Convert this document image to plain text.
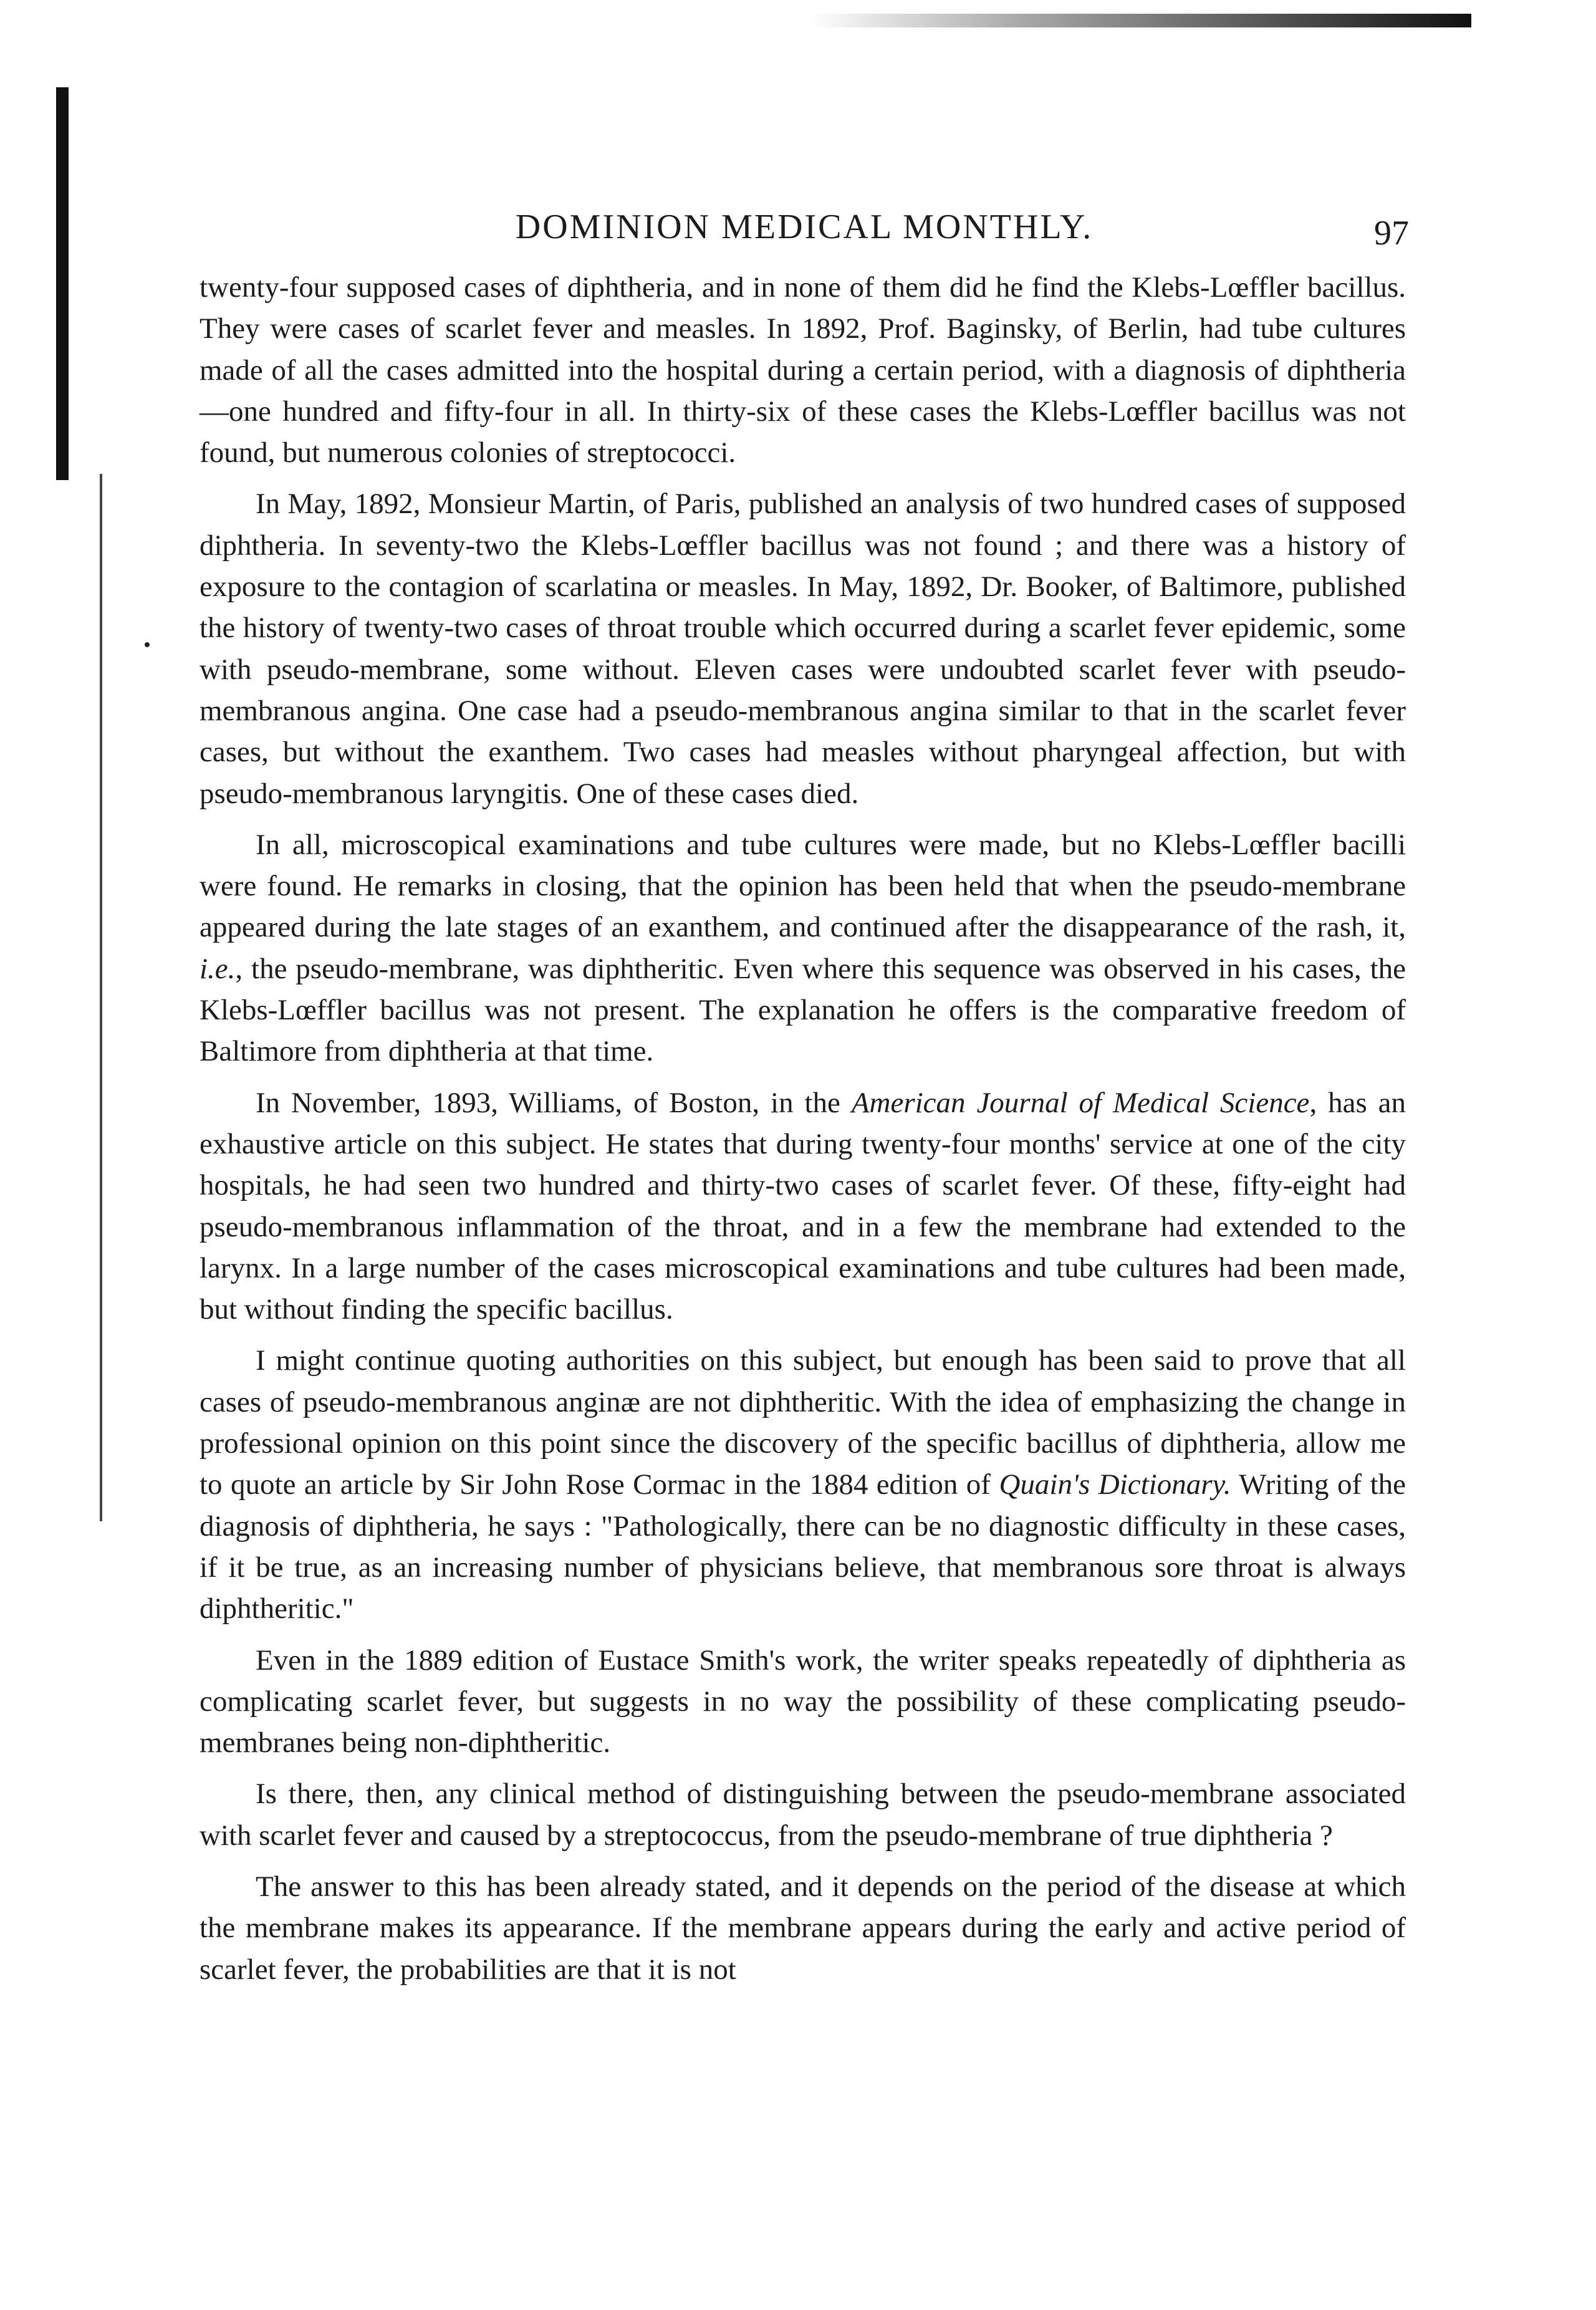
DOMINION MEDICAL MONTHLY.	97

twenty-four supposed cases of diphtheria, and in none of them did he find the Klebs-Lœffler bacillus. They were cases of scarlet fever and measles. In 1892, Prof. Baginsky, of Berlin, had tube cultures made of all the cases admitted into the hospital during a certain period, with a diagnosis of diphtheria—one hundred and fifty-four in all. In thirty-six of these cases the Klebs-Lœffler bacillus was not found, but numerous colonies of streptococci.

In May, 1892, Monsieur Martin, of Paris, published an analysis of two hundred cases of supposed diphtheria. In seventy-two the Klebs-Lœffler bacillus was not found ; and there was a history of exposure to the contagion of scarlatina or measles. In May, 1892, Dr. Booker, of Baltimore, published the history of twenty-two cases of throat trouble which occurred during a scarlet fever epidemic, some with pseudo-membrane, some without. Eleven cases were undoubted scarlet fever with pseudo-membranous angina. One case had a pseudo-membranous angina similar to that in the scarlet fever cases, but without the exanthem. Two cases had measles without pharyngeal affection, but with pseudo-membranous laryngitis. One of these cases died.

In all, microscopical examinations and tube cultures were made, but no Klebs-Lœffler bacilli were found. He remarks in closing, that the opinion has been held that when the pseudo-membrane appeared during the late stages of an exanthem, and continued after the disappearance of the rash, it, i.e., the pseudo-membrane, was diphtheritic. Even where this sequence was observed in his cases, the Klebs-Lœffler bacillus was not present. The explanation he offers is the comparative freedom of Baltimore from diphtheria at that time.

In November, 1893, Williams, of Boston, in the American Journal of Medical Science, has an exhaustive article on this subject. He states that during twenty-four months' service at one of the city hospitals, he had seen two hundred and thirty-two cases of scarlet fever. Of these, fifty-eight had pseudo-membranous inflammation of the throat, and in a few the membrane had extended to the larynx. In a large number of the cases microscopical examinations and tube cultures had been made, but without finding the specific bacillus.

I might continue quoting authorities on this subject, but enough has been said to prove that all cases of pseudo-membranous anginæ are not diphtheritic. With the idea of emphasizing the change in professional opinion on this point since the discovery of the specific bacillus of diphtheria, allow me to quote an article by Sir John Rose Cormac in the 1884 edition of Quain's Dictionary. Writing of the diagnosis of diphtheria, he says : "Pathologically, there can be no diagnostic difficulty in these cases, if it be true, as an increasing number of physicians believe, that membranous sore throat is always diphtheritic."

Even in the 1889 edition of Eustace Smith's work, the writer speaks repeatedly of diphtheria as complicating scarlet fever, but suggests in no way the possibility of these complicating pseudo-membranes being non-diphtheritic.

Is there, then, any clinical method of distinguishing between the pseudo-membrane associated with scarlet fever and caused by a streptococcus, from the pseudo-membrane of true diphtheria ?

The answer to this has been already stated, and it depends on the period of the disease at which the membrane makes its appearance. If the membrane appears during the early and active period of scarlet fever, the probabilities are that it is not
